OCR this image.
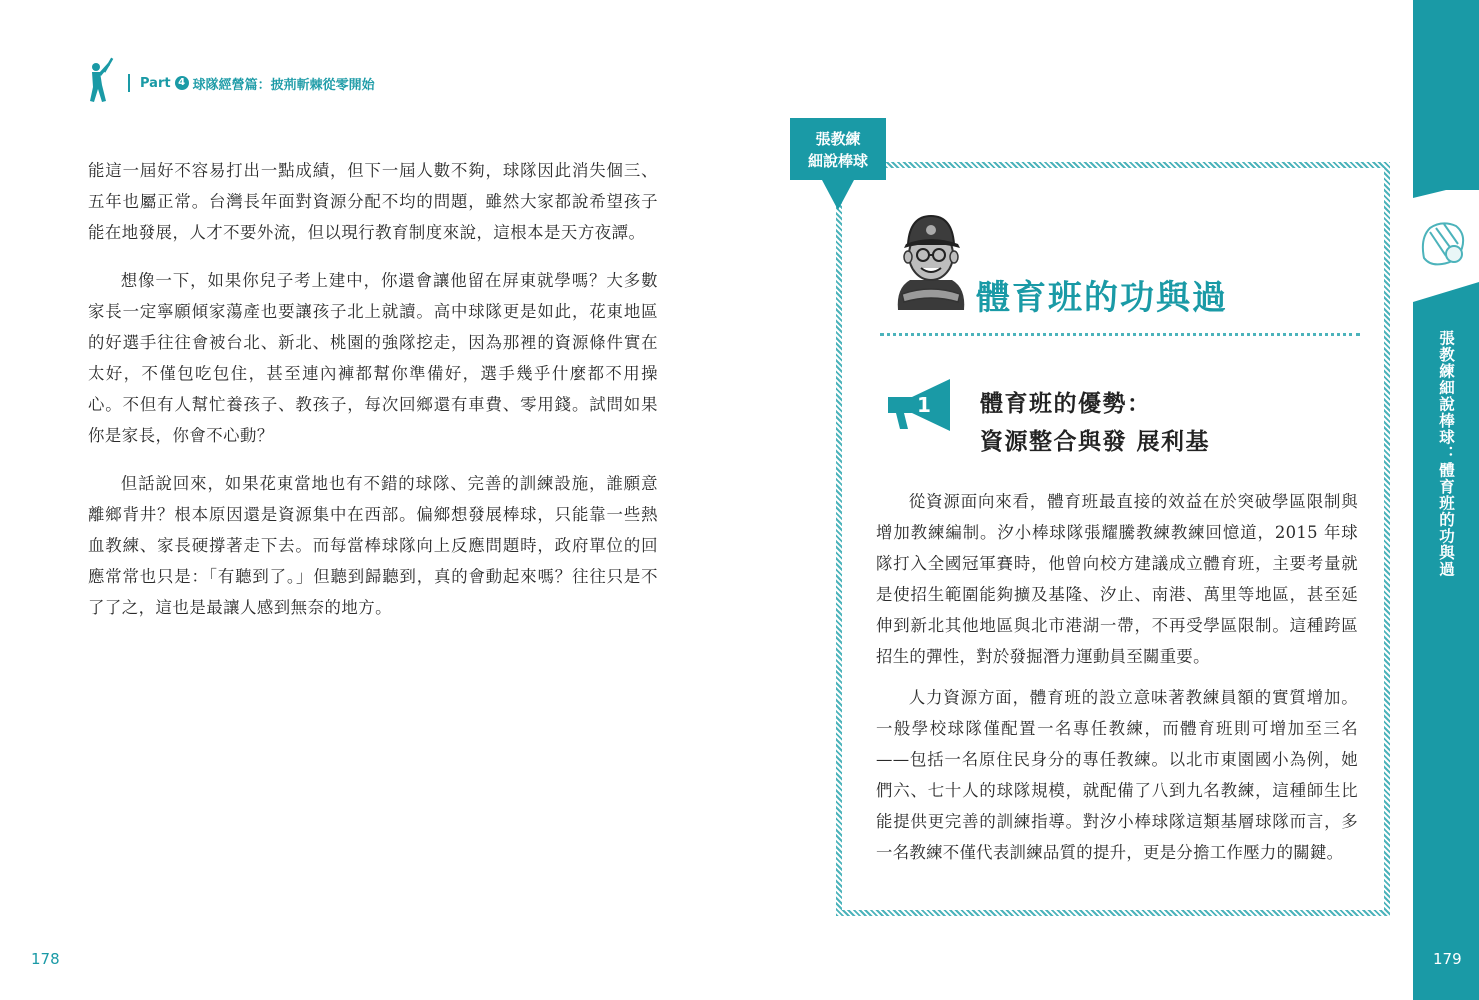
Part 4 球隊經營篇：披荊斬棘從零開始

能這一屆好不容易打出一點成績，但下一屆人數不夠，球隊因此消失個三、五年也屬正常。台灣長年面對資源分配不均的問題，雖然大家都說希望孩子能在地發展，人才不要外流，但以現行教育制度來說，這根本是天方夜譚。

想像一下，如果你兒子考上建中，你還會讓他留在屏東就學嗎？大多數家長一定寧願傾家蕩產也要讓孩子北上就讀。高中球隊更是如此，花東地區的好選手往往會被台北、新北、桃園的強隊挖走，因為那裡的資源條件實在太好，不僅包吃包住，甚至連內褲都幫你準備好，選手幾乎什麼都不用操心。不但有人幫忙養孩子、教孩子，每次回鄉還有車費、零用錢。試問如果你是家長，你會不心動？

但話說回來，如果花東當地也有不錯的球隊、完善的訓練設施，誰願意離鄉背井？根本原因還是資源集中在西部。偏鄉想發展棒球，只能靠一些熱血教練、家長硬撐著走下去。而每當棒球隊向上反應問題時，政府單位的回應常常也只是：「有聽到了。」但聽到歸聽到，真的會動起來嗎？往往只是不了了之，這也是最讓人感到無奈的地方。

178
張教練
細說棒球
體育班的功與過
1 體育班的優勢：
資源整合與發 展利基

從資源面向來看，體育班最直接的效益在於突破學區限制與增加教練編制。汐小棒球隊張耀騰教練教練回憶道，2015 年球隊打入全國冠軍賽時，他曾向校方建議成立體育班，主要考量就是使招生範圍能夠擴及基隆、汐止、南港、萬里等地區，甚至延伸到新北其他地區與北市港湖一帶，不再受學區限制。這種跨區招生的彈性，對於發掘潛力運動員至關重要。

人力資源方面，體育班的設立意味著教練員額的實質增加。一般學校球隊僅配置一名專任教練，而體育班則可增加至三名——包括一名原住民身分的專任教練。以北市東園國小為例，她們六、七十人的球隊規模，就配備了八到九名教練，這種師生比能提供更完善的訓練指導。對汐小棒球隊這類基層球隊而言，多一名教練不僅代表訓練品質的提升，更是分擔工作壓力的關鍵。

張教練細說棒球：體育班的功與過
179
